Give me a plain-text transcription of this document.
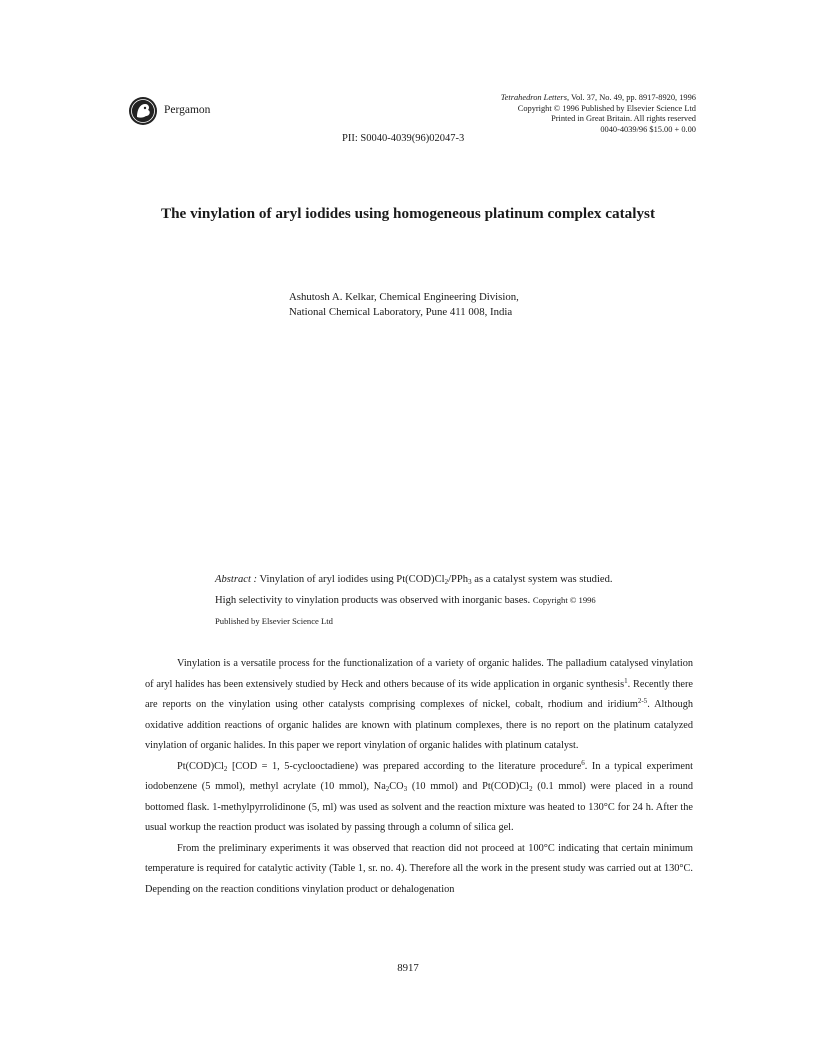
Pergamon
Tetrahedron Letters, Vol. 37, No. 49, pp. 8917-8920, 1996
Copyright © 1996 Published by Elsevier Science Ltd
Printed in Great Britain. All rights reserved
0040-4039/96 $15.00 + 0.00
PII: S0040-4039(96)02047-3
The vinylation of aryl iodides using homogeneous platinum complex catalyst
Ashutosh A. Kelkar, Chemical Engineering Division,
National Chemical Laboratory, Pune 411 008, India
Abstract : Vinylation of aryl iodides using $Pt(COD)Cl_2/PPh_3$ as a catalyst system was studied. High selectivity to vinylation products was observed with inorganic bases. Copyright © 1996 Published by Elsevier Science Ltd

Vinylation is a versatile process for the functionalization of a variety of organic halides. The palladium catalysed vinylation of aryl halides has been extensively studied by Heck and others because of its wide application in organic synthesis$^1$. Recently there are reports on the vinylation using other catalysts comprising complexes of nickel, cobalt, rhodium and iridium$^{2-5}$. Although oxidative addition reactions of organic halides are known with platinum complexes, there is no report on the platinum catalyzed vinylation of organic halides. In this paper we report vinylation of organic halides with platinum catalyst.

$Pt(COD)Cl_2$ [COD = 1, 5-cyclooctadiene) was prepared according to the literature procedure$^6$. In a typical experiment iodobenzene (5 mmol), methyl acrylate (10 mmol), $Na_2CO_3$ (10 mmol) and $Pt(COD)Cl_2$ (0.1 mmol) were placed in a round bottomed flask. 1-methylpyrrolidinone (5, ml) was used as solvent and the reaction mixture was heated to 130°C for 24 h. After the usual workup the reaction product was isolated by passing through a column of silica gel.

From the preliminary experiments it was observed that reaction did not proceed at 100°C indicating that certain minimum temperature is required for catalytic activity (Table 1, sr. no. 4). Therefore all the work in the present study was carried out at 130°C. Depending on the reaction conditions vinylation product or dehalogenation

8917
